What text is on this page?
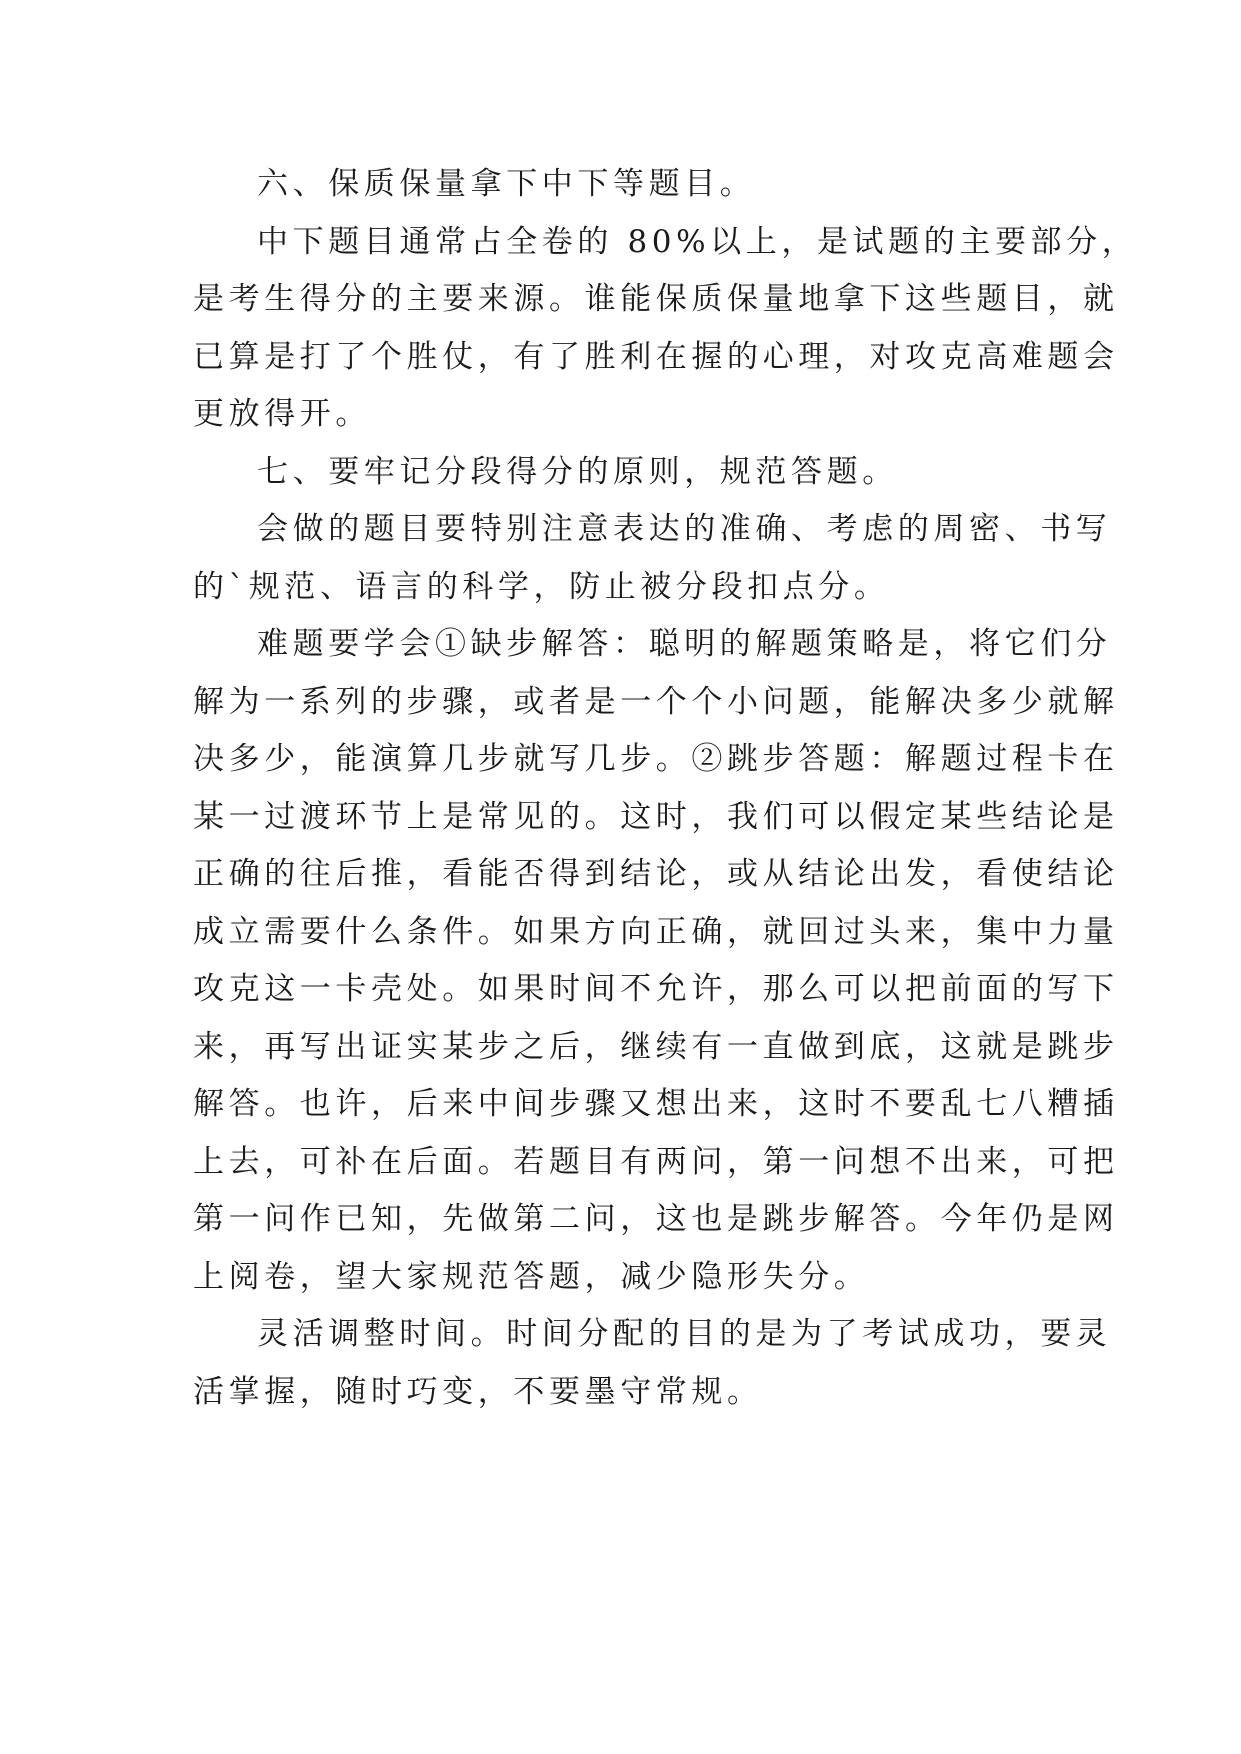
六、保质保量拿下中下等题目。
中下题目通常占全卷的 80%以上，是试题的主要部分，
是考生得分的主要来源。谁能保质保量地拿下这些题目，就
已算是打了个胜仗，有了胜利在握的心理，对攻克高难题会
更放得开。
七、要牢记分段得分的原则，规范答题。
会做的题目要特别注意表达的准确、考虑的周密、书写
的`规范、语言的科学，防止被分段扣点分。
难题要学会①缺步解答：聪明的解题策略是，将它们分
解为一系列的步骤，或者是一个个小问题，能解决多少就解
决多少，能演算几步就写几步。②跳步答题：解题过程卡在
某一过渡环节上是常见的。这时，我们可以假定某些结论是
正确的往后推，看能否得到结论，或从结论出发，看使结论
成立需要什么条件。如果方向正确，就回过头来，集中力量
攻克这一卡壳处。如果时间不允许，那么可以把前面的写下
来，再写出证实某步之后，继续有一直做到底，这就是跳步
解答。也许，后来中间步骤又想出来，这时不要乱七八糟插
上去，可补在后面。若题目有两问，第一问想不出来，可把
第一问作已知，先做第二问，这也是跳步解答。今年仍是网
上阅卷，望大家规范答题，减少隐形失分。
灵活调整时间。时间分配的目的是为了考试成功，要灵
活掌握，随时巧变，不要墨守常规。
